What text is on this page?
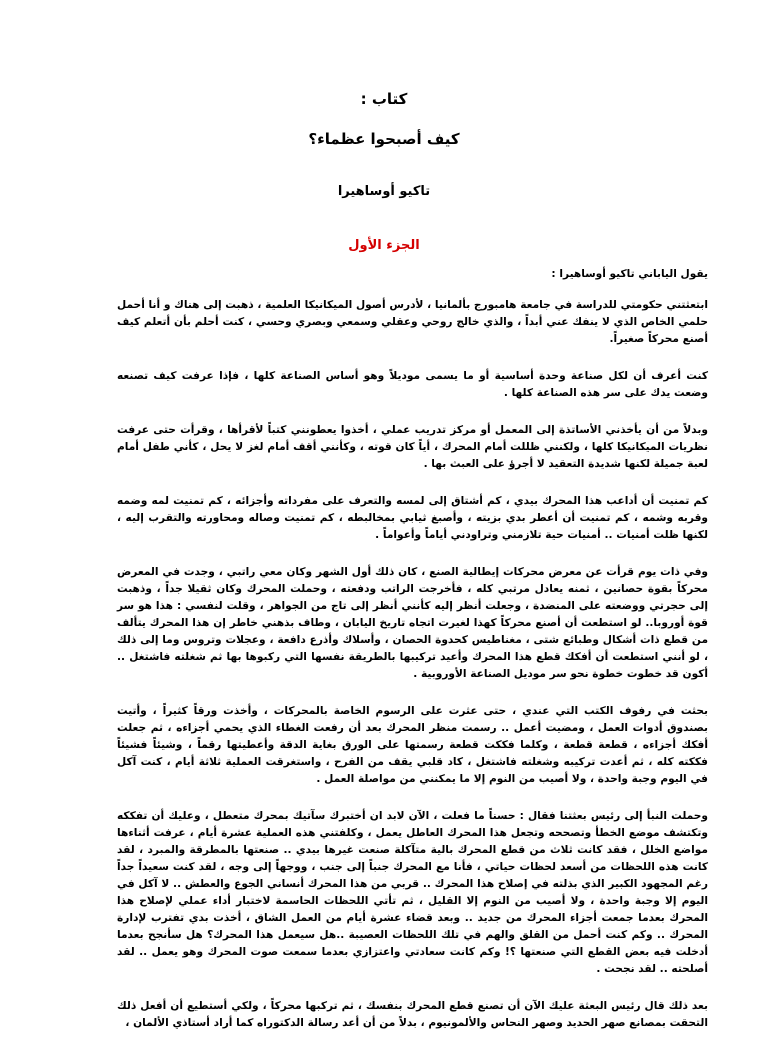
كتاب :
كيف أصبحوا عظماء؟
تاكيو أوساهيرا
الجزء الأول

يقول الياباني تاكيو أوساهيرا :

ابتعثتني حكومتي للدراسة في جامعة هامبورج بألمانيا ، لأدرس أصول الميكانيكا العلمية ، ذهبت إلى هناك و أنا أحمل حلمي الخاص الذي لا ينفك عني أبداً ، والذي خالج روحي وعقلي وسمعي وبصري وحسي ، كنت أحلم بأن أتعلم كيف أصنع محركاً صغيراً.

كنت أعرف أن لكل صناعة وحدة أساسية أو ما يسمى موديلاً وهو أساس الصناعة كلها ، فإذا عرفت كيف تصنعه وضعت يدك على سر هذه الصناعة كلها .

وبدلاً من أن يأخذني الأساتذة إلى المعمل أو مركز تدريب عملي ، أخذوا يعطونني كتباً لأقرأها ، وقرأت حتى عرفت نظريات الميكانيكا كلها ، ولكنني ظللت أمام المحرك ، أياً كان قوته ، وكأنني أقف أمام لغز لا يحل ، كأني طفل أمام لعبة جميلة لكنها شديدة التعقيد لا أجرؤ على العبث بها .

كم تمنيت أن أداعب هذا المحرك بيدي ، كم أشتاق إلى لمسه والتعرف على مفرداته وأجزائه ، كم تمنيت لمه وضمه وقربه وشمه ، كم تمنيت أن أعطر بدي بزيته ، وأصبغ ثيابي بمخالبطه ، كم تمنيت وصاله ومحاورته والتقرب إليه ، لكنها ظلت أمنيات .. أمنيات حية تلازمني وتراودني أياماً وأعواماً .

وفي ذات يوم قرأت عن معرض محركات إيطالية الصنع ، كان ذلك أول الشهر وكان معي راتبي ، وجدت في المعرض محركاً بقوة حصانين ، ثمنه يعادل مرتبي كله ، فأخرجت الراتب ودفعته ، وحملت المحرك وكان ثقيلا جداً ، وذهبت إلى حجرتي ووضعته على المنضدة ، وجعلت أنظر إليه كأنني أنظر إلى تاج من الجواهر ، وقلت لنفسي : هذا هو سر قوة أوروبا.. لو استطعت أن أصنع محركاً كهذا لغيرت اتجاه تاريخ اليابان ، وطاف بذهني خاطر إن هذا المحرك يتألف من قطع ذات أشكال وطبائع شتى ، مغناطيس كحدوة الحصان ، وأسلاك وأذرع دافعة ، وعجلات وتروس وما إلى ذلك ، لو أنني استطعت أن أفكك قطع هذا المحرك وأعيد تركيبها بالطريقة نفسها التي ركبوها بها ثم شغلته فاشتغل .. أكون قد خطوت خطوة نحو سر موديل الصناعة الأوروبية .

بحثت في رفوف الكتب التي عندي ، حتى عثرت على الرسوم الخاصة بالمحركات ، وأخذت ورقاً كثيراً ، وأتيت بصندوق أدوات العمل ، ومضيت أعمل .. رسمت منظر المحرك بعد أن رفعت الغطاء الذي يحمي أجزاءه ، ثم جعلت أفكك أجزاءه ، قطعة قطعة ، وكلما فككت قطعة رسمتها على الورق بغاية الدقة وأعطيتها رقماً ، وشيئاً فشيئاً فككته كله ، ثم أعدت تركيبه وشغلته فاشتغل ، كاد قلبي يقف من الفرح ، واستغرقت العملية ثلاثة أيام ، كنت آكل في اليوم وجبة واحدة ، ولا أصيب من النوم إلا ما يمكنني من مواصلة العمل .

وحملت النبأ إلى رئيس بعثتنا فقال : حسناً ما فعلت ، الآن لابد ان أختبرك سآتيك بمحرك متعطل ، وعليك أن تفككه وتكتشف موضع الخطأ وتصححه وتجعل هذا المحرك العاطل يعمل ، وكلفتني هذه العملية عشرة أيام ، عرفت أثناءها مواضع الخلل ، فقد كانت ثلاث من قطع المحرك بالية متآكلة صنعت غيرها بيدي .. صنعتها بالمطرقة والمبرد ، لقد كانت هذه اللحظات من أسعد لحظات حياتي ، فأنا مع المحرك جنباً إلى جنب ، ووجهاً إلى وجه ، لقد كنت سعيداً جداً رغم المجهود الكبير الذي بذلته في إصلاح هذا المحرك .. قربي من هذا المحرك أنساني الجوع والعطش .. لا آكل في اليوم إلا وجبة واحدة ، ولا أصيب من النوم إلا القليل ، ثم تأتي اللحظات الحاسمة لاختبار أداء عملي لإصلاح هذا المحرك بعدما جمعت أجزاء المحرك من جديد .. وبعد قضاء عشرة أيام من العمل الشاق ، أخذت بدي تفترب لإدارة المحرك .. وكم كنت أحمل من القلق والهم في تلك اللحظات العصيبة ..هل سيعمل هذا المحرك؟ هل سأنجح بعدما أدخلت فيه بعض القطع التي صنعتها ؟! وكم كانت سعادتي واعتزازي بعدما سمعت صوت المحرك وهو يعمل .. لقد أصلحته .. لقد نجحت .

بعد ذلك قال رئيس البعثة عليك الآن أن تصنع قطع المحرك بنفسك ، ثم تركبها محركاً ، ولكي أستطيع أن أفعل ذلك التحقت بمصانع صهر الحديد وصهر النحاس والألمونيوم ، بدلاً من أن أعد رسالة الدكتوراه كما أراد أستاذي الألمان ،
